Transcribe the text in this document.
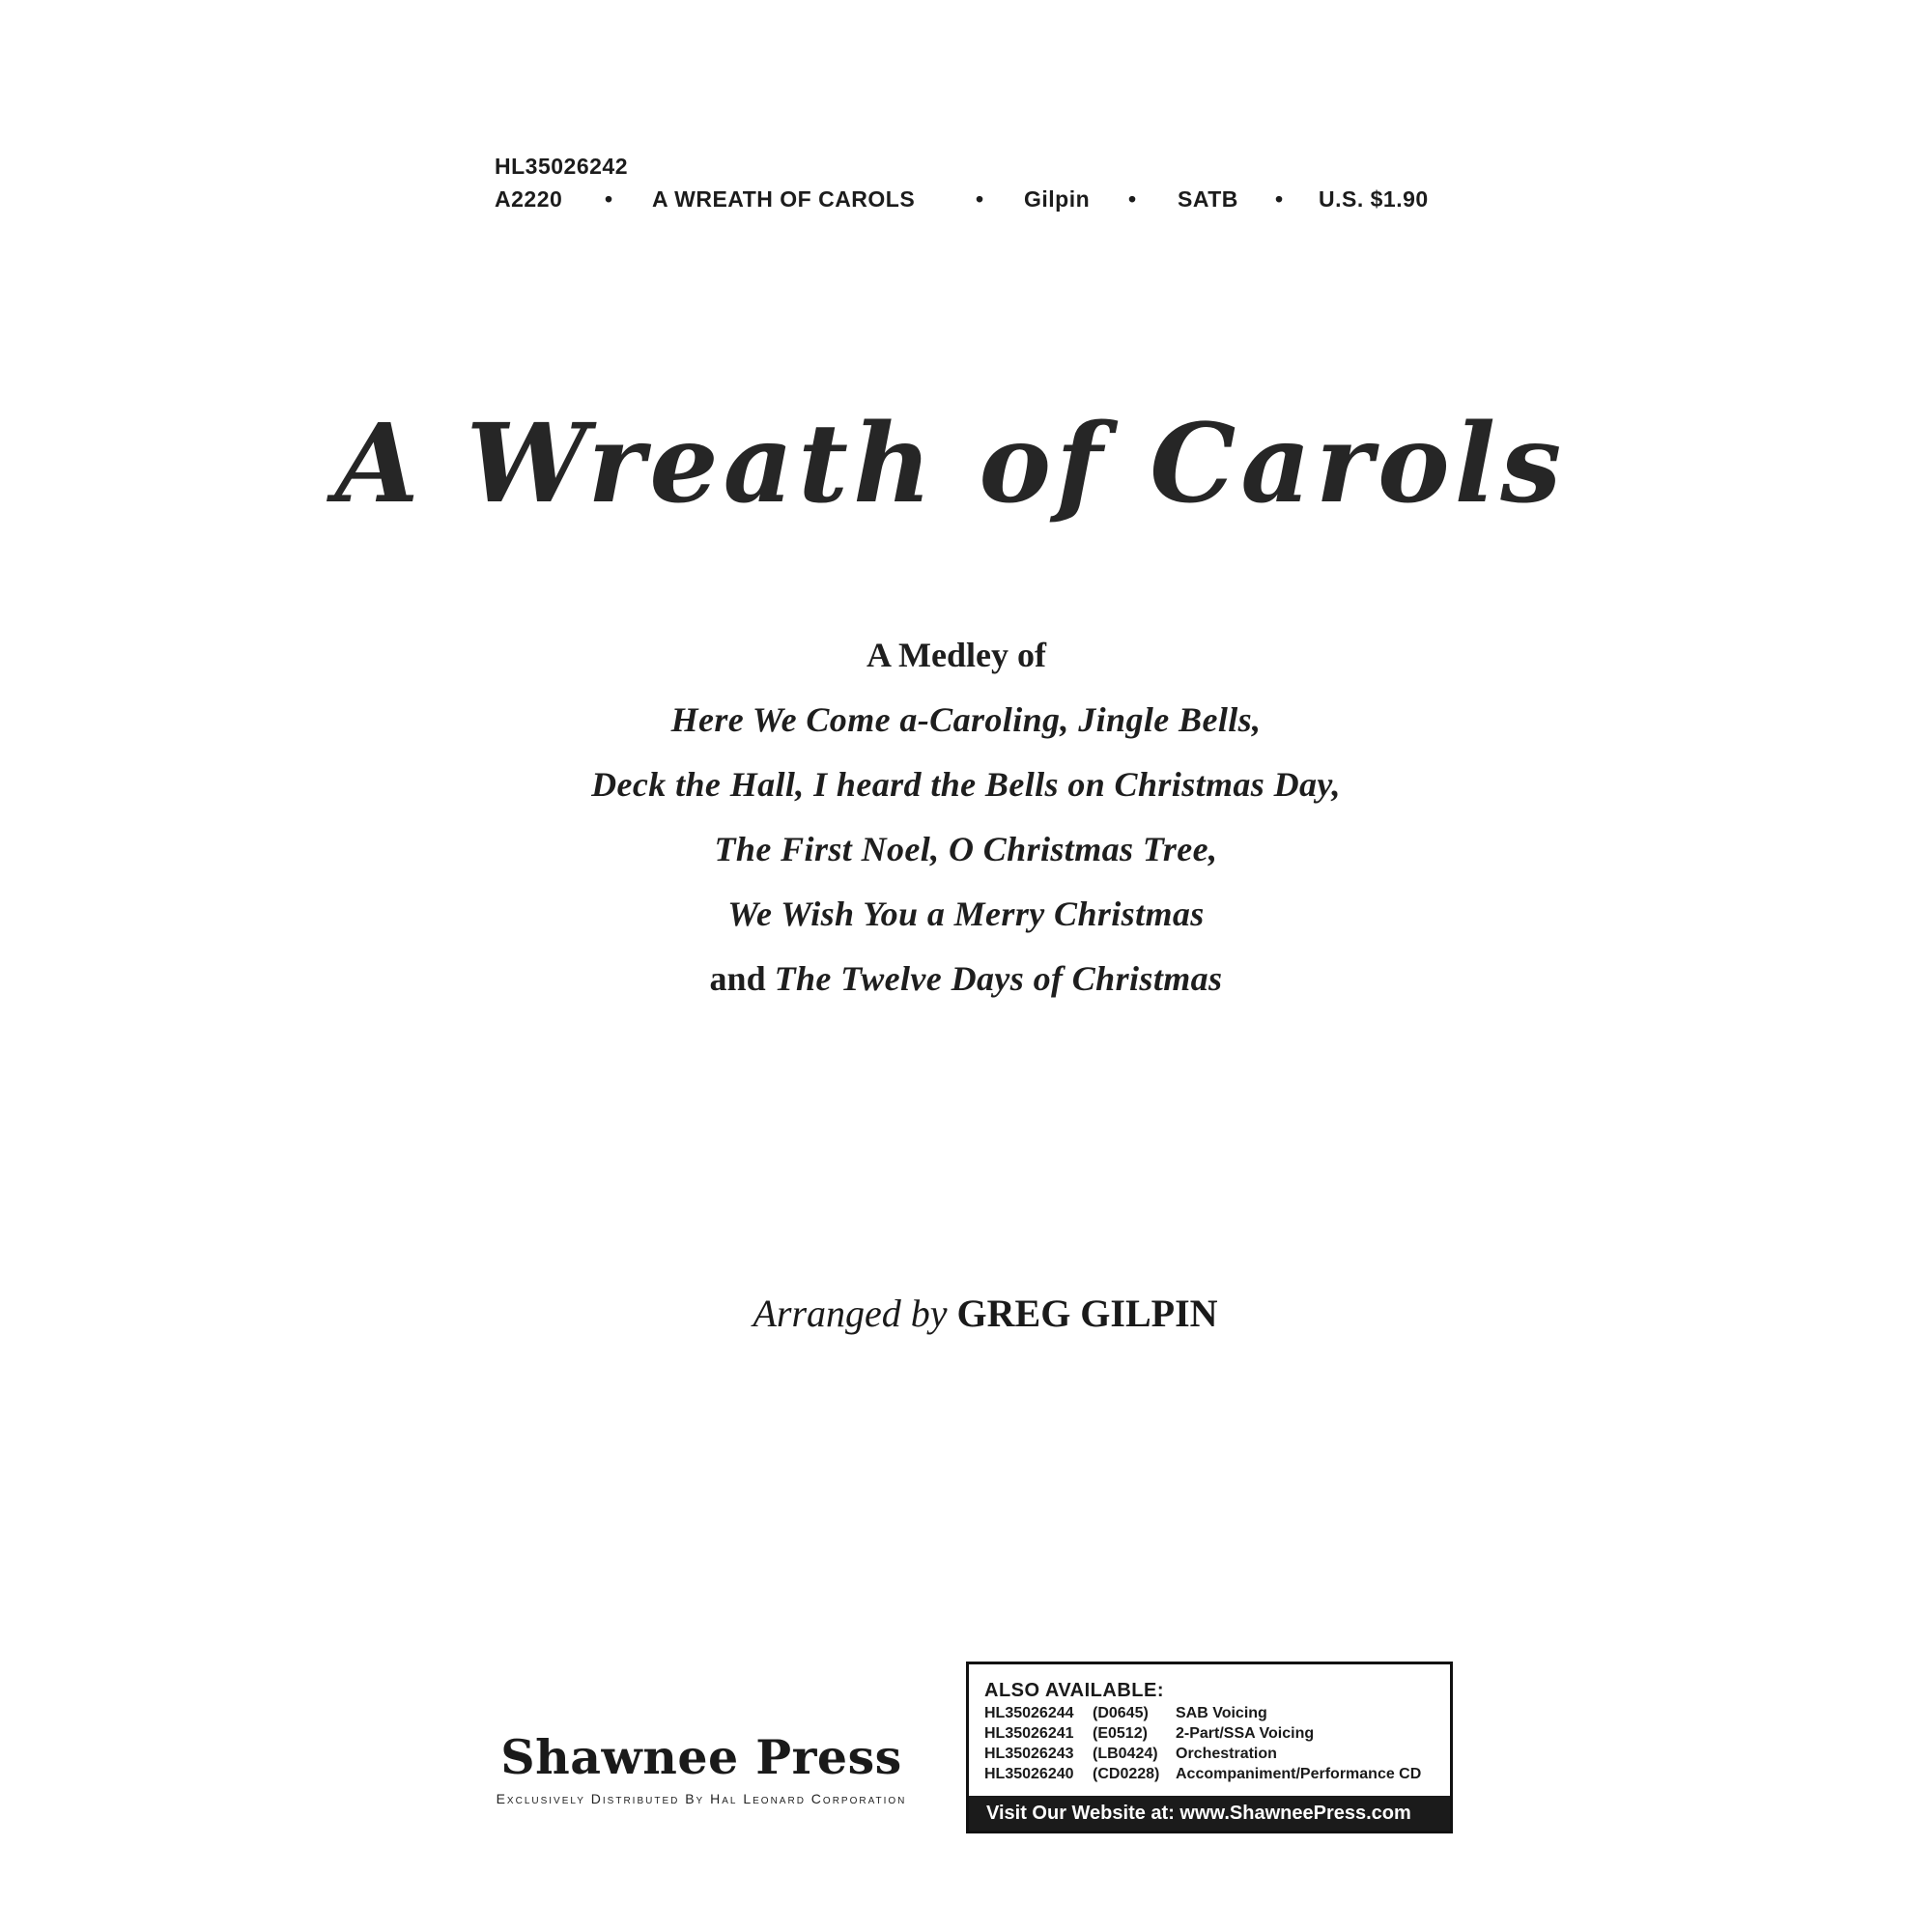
HL35026242
A2220 • A WREATH OF CAROLS	• Gilpin • SATB • U.S. $1.90
A Wreath of Carols
A Medley of
Here We Come a-Caroling, Jingle Bells,
Deck the Hall, I heard the Bells on Christmas Day,
The First Noel, O Christmas Tree,
We Wish You a Merry Christmas
and The Twelve Days of Christmas
Arranged by GREG GILPIN
Shawnee Press
Exclusively Distributed By Hal Leonard Corporation
ALSO AVAILABLE:
HL35026244 (D0645) SAB Voicing
HL35026241 (E0512) 2-Part/SSA Voicing
HL35026243 (LB0424) Orchestration
HL35026240 (CD0228) Accompaniment/Performance CD
Visit Our Website at: www.ShawneePress.com
